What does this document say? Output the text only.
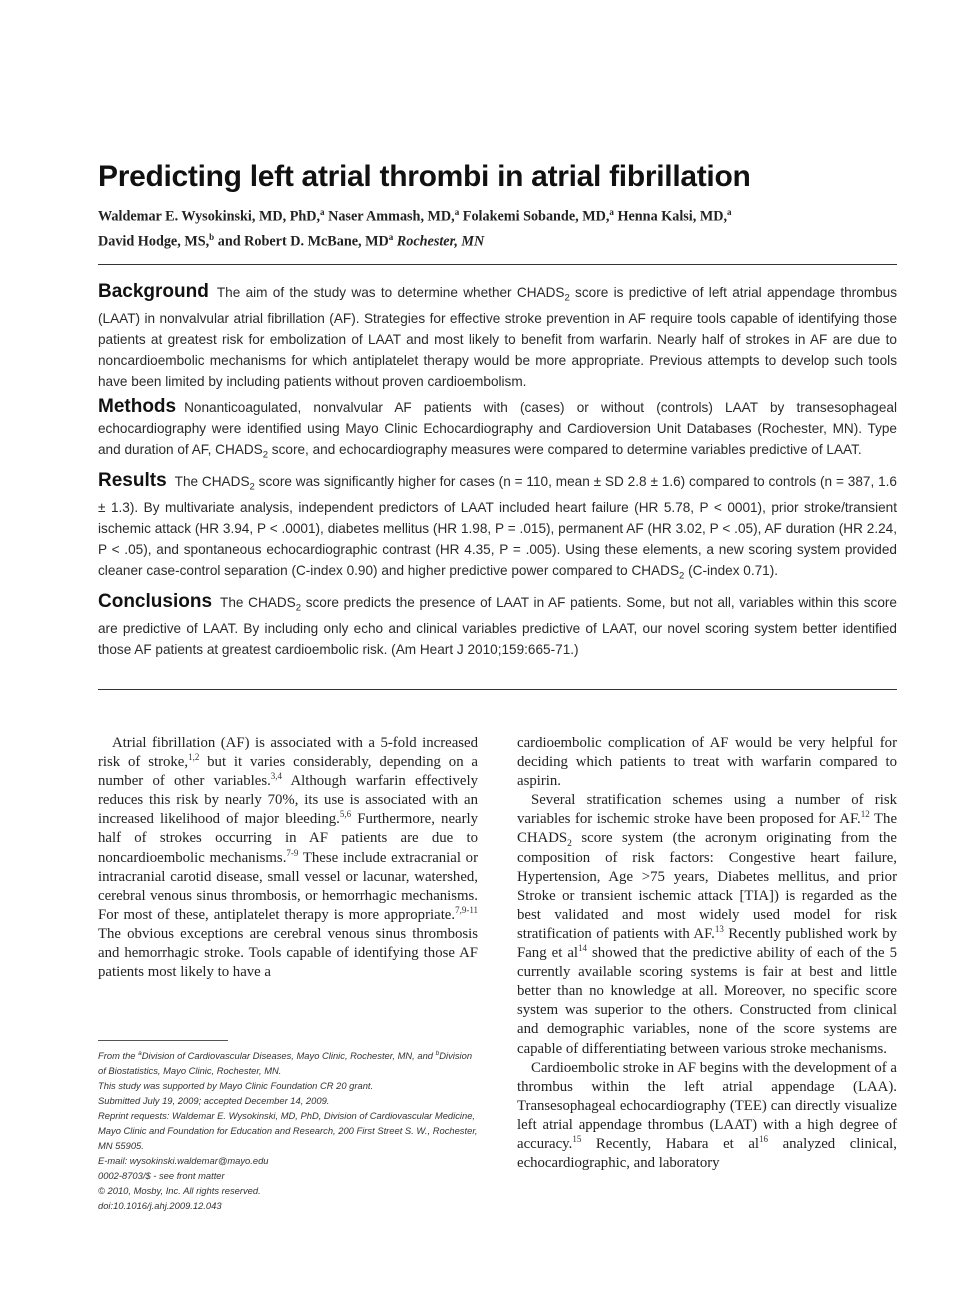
Predicting left atrial thrombi in atrial fibrillation
Waldemar E. Wysokinski, MD, PhD,$^a$ Naser Ammash, MD,$^a$ Folakemi Sobande, MD,$^a$ Henna Kalsi, MD,$^a$
David Hodge, MS,$^b$ and Robert D. McBane, $MD^a$ Rochester, MN

Background The aim of the study was to determine whether $CHADS_2$ score is predictive of left atrial appendage thrombus (LAAT) in nonvalvular atrial fibrillation (AF). Strategies for effective stroke prevention in AF require tools capable of identifying those patients at greatest risk for embolization of LAAT and most likely to benefit from warfarin. Nearly half of strokes in AF are due to noncardioembolic mechanisms for which antiplatelet therapy would be more appropriate. Previous attempts to develop such tools have been limited by including patients without proven cardioembolism.

Methods Nonanticoagulated, nonvalvular AF patients with (cases) or without (controls) LAAT by transesophageal echocardiography were identified using Mayo Clinic Echocardiography and Cardioversion Unit Databases (Rochester, MN). Type and duration of AF, $CHADS_2$ score, and echocardiography measures were compared to determine variables predictive of LAAT.

Results The $CHADS_2$ score was significantly higher for cases (n = 110, mean ± SD 2.8 ± 1.6) compared to controls (n = 387, 1.6 ± 1.3). By multivariate analysis, independent predictors of LAAT included heart failure (HR 5.78, P < 0001), prior stroke/transient ischemic attack (HR 3.94, P < .0001), diabetes mellitus (HR 1.98, P = .015), permanent AF (HR 3.02, P < .05), AF duration (HR 2.24, P < .05), and spontaneous echocardiographic contrast (HR 4.35, P = .005). Using these elements, a new scoring system provided cleaner case-control separation (C-index 0.90) and higher predictive power compared to $CHADS_2$ (C-index 0.71).

Conclusions The $CHADS_2$ score predicts the presence of LAAT in AF patients. Some, but not all, variables within this score are predictive of LAAT. By including only echo and clinical variables predictive of LAAT, our novel scoring system better identified those AF patients at greatest cardioembolic risk. (Am Heart J 2010;159:665-71.)

Atrial fibrillation (AF) is associated with a 5-fold increased risk of stroke,$^{1,2}$ but it varies considerably, depending on a number of other variables.$^{3,4}$ Although warfarin effectively reduces this risk by nearly 70%, its use is associated with an increased likelihood of major bleeding.$^{5,6}$ Furthermore, nearly half of strokes occurring in AF patients are due to noncardioembolic mechanisms.$^{7-9}$ These include extracranial or intracranial carotid disease, small vessel or lacunar, watershed, cerebral venous sinus thrombosis, or hemorrhagic mechanisms. For most of these, antiplatelet therapy is more appropriate.$^{7,9-11}$ The obvious exceptions are cerebral venous sinus thrombosis and hemorrhagic stroke. Tools capable of identifying those AF patients most likely to have a

From the $^a$Division of Cardiovascular Diseases, Mayo Clinic, Rochester, MN, and $^b$Division of Biostatistics, Mayo Clinic, Rochester, MN.
This study was supported by Mayo Clinic Foundation CR 20 grant.
Submitted July 19, 2009; accepted December 14, 2009.
Reprint requests: Waldemar E. Wysokinski, MD, PhD, Division of Cardiovascular Medicine, Mayo Clinic and Foundation for Education and Research, 200 First Street S. W., Rochester, MN 55905.
E-mail: wysokinski.waldemar@mayo.edu
0002-8703/$ - see front matter
© 2010, Mosby, Inc. All rights reserved.
doi:10.1016/j.ahj.2009.12.043

cardioembolic complication of AF would be very helpful for deciding which patients to treat with warfarin compared to aspirin.

Several stratification schemes using a number of risk variables for ischemic stroke have been proposed for AF.$^{12}$ The $CHADS_2$ score system (the acronym originating from the composition of risk factors: Congestive heart failure, Hypertension, Age >75 years, Diabetes mellitus, and prior Stroke or transient ischemic attack [TIA]) is regarded as the best validated and most widely used model for risk stratification of patients with AF.$^{13}$ Recently published work by Fang et $al^{14}$ showed that the predictive ability of each of the 5 currently available scoring systems is fair at best and little better than no knowledge at all. Moreover, no specific score system was superior to the others. Constructed from clinical and demographic variables, none of the score systems are capable of differentiating between various stroke mechanisms.

Cardioembolic stroke in AF begins with the development of a thrombus within the left atrial appendage (LAA). Transesophageal echocardiography (TEE) can directly visualize left atrial appendage thrombus (LAAT) with a high degree of accuracy.$^{15}$ Recently, Habara et $al^{16}$ analyzed clinical, echocardiographic, and laboratory
